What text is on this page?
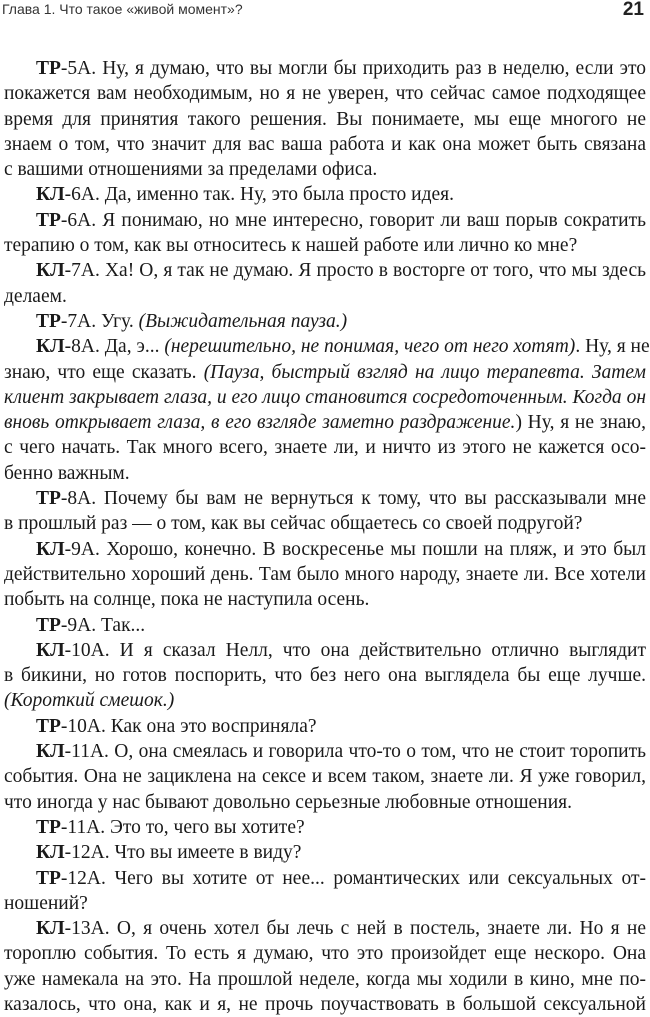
Глава 1. Что такое «живой момент»?	21
ТР-5А. Ну, я думаю, что вы могли бы приходить раз в неделю, если это
покажется вам необходимым, но я не уверен, что сейчас самое подходящее
время для принятия такого решения. Вы понимаете, мы еще многого не
знаем о том, что значит для вас ваша работа и как она может быть связана
с вашими отношениями за пределами офиса.
КЛ-6А. Да, именно так. Ну, это была просто идея.
ТР-6А. Я понимаю, но мне интересно, говорит ли ваш порыв сократить
терапию о том, как вы относитесь к нашей работе или лично ко мне?
КЛ-7А. Ха! О, я так не думаю. Я просто в восторге от того, что мы здесь
делаем.
ТР-7А. Угу. (Выжидательная пауза.)
КЛ-8А. Да, э... (нерешительно, не понимая, чего от него хотят). Ну, я не
знаю, что еще сказать. (Пауза, быстрый взгляд на лицо терапевта. Затем
клиент закрывает глаза, и его лицо становится сосредоточенным. Когда он
вновь открывает глаза, в его взгляде заметно раздражение.) Ну, я не знаю,
с чего начать. Так много всего, знаете ли, и ничто из этого не кажется осо-
бенно важным.
ТР-8А. Почему бы вам не вернуться к тому, что вы рассказывали мне
в прошлый раз — о том, как вы сейчас общаетесь со своей подругой?
КЛ-9А. Хорошо, конечно. В воскресенье мы пошли на пляж, и это был
действительно хороший день. Там было много народу, знаете ли. Все хотели
побыть на солнце, пока не наступила осень.
ТР-9А. Так...
КЛ-10А. И я сказал Нелл, что она действительно отлично выглядит
в бикини, но готов поспорить, что без него она выглядела бы еще лучше.
(Короткий смешок.)
ТР-10А. Как она это восприняла?
КЛ-11А. О, она смеялась и говорила что-то о том, что не стоит торопить
события. Она не зациклена на сексе и всем таком, знаете ли. Я уже говорил,
что иногда у нас бывают довольно серьезные любовные отношения.
ТР-11А. Это то, чего вы хотите?
КЛ-12А. Что вы имеете в виду?
ТР-12А. Чего вы хотите от нее... романтических или сексуальных от-
ношений?
КЛ-13А. О, я очень хотел бы лечь с ней в постель, знаете ли. Но я не
тороплю события. То есть я думаю, что это произойдет еще нескоро. Она
уже намекала на это. На прошлой неделе, когда мы ходили в кино, мне по-
казалось, что она, как и я, не прочь поучаствовать в большой сексуальной
